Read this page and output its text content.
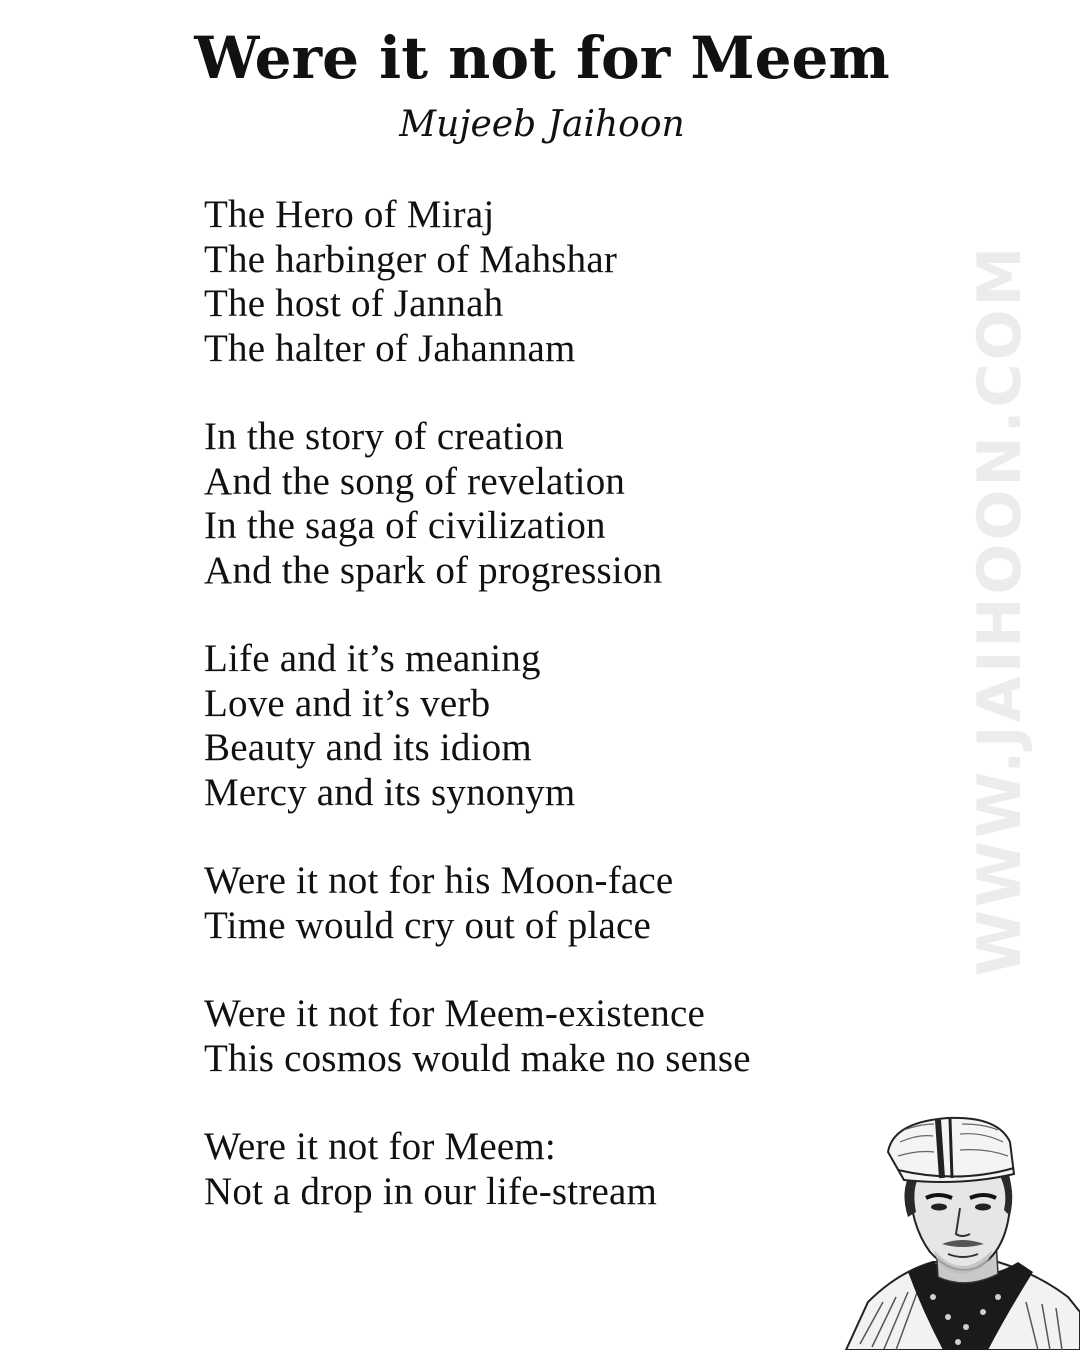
Were it not for Meem
Mujeeb Jaihoon
WWW.JAIHOON.COM
The Hero of Miraj
The harbinger of Mahshar
The host of Jannah
The halter of Jahannam
In the story of creation
And the song of revelation
In the saga of civilization
And the spark of progression
Life and it’s meaning
Love and it’s verb
Beauty and its idiom
Mercy and its synonym
Were it not for his Moon-face
Time would cry out of place
Were it not for Meem-existence
This cosmos would make no sense
Were it not for Meem:
Not a drop in our life-stream
